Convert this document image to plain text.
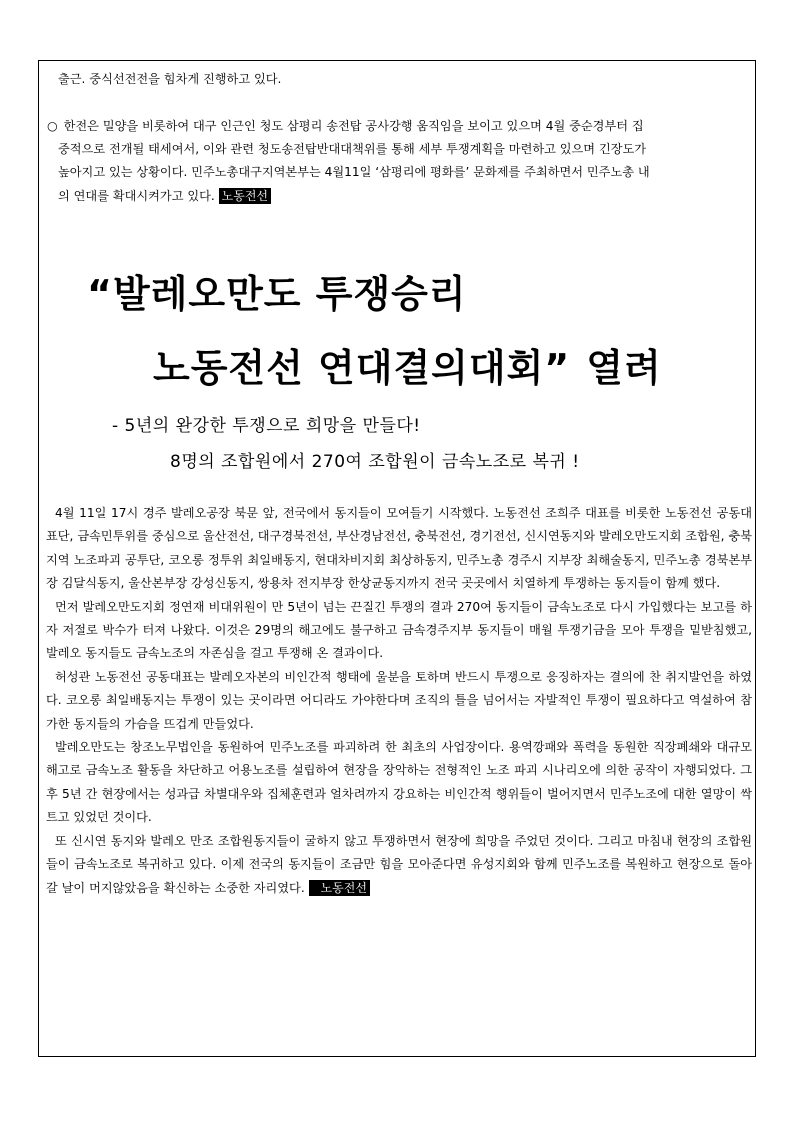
출근. 중식선전전을 힘차게 진행하고 있다.
○ 한전은 밀양을 비롯하여 대구 인근인 청도 삼평리 송전탑 공사강행 움직임을 보이고 있으며 4월 중순경부터 집
중적으로 전개될 태세여서, 이와 관련 청도송전탑반대대책위를 통해 세부 투쟁계획을 마련하고 있으며 긴장도가
높아지고 있는 상황이다. 민주노총대구지역본부는 4월11일 ‘삼평리에 평화를’ 문화제를 주최하면서 민주노총 내
의 연대를 확대시켜가고 있다. 노동전선
“발레오만도 투쟁승리
노동전선 연대결의대회” 열려
- 5년의 완강한 투쟁으로 희망을 만들다!
8명의 조합원에서 270여 조합원이 금속노조로 복귀 !

4월 11일 17시 경주 발레오공장 북문 앞, 전국에서 동지들이 모여들기 시작했다. 노동전선 조희주 대표를 비롯한 노동전선 공동대표단, 금속민투위를 중심으로 울산전선, 대구경북전선, 부산경남전선, 충북전선, 경기전선, 신시연동지와 발레오만도지회 조합원, 충북지역 노조파괴 공투단, 코오롱 정투위 최일배동지, 현대차비지회 최상하동지, 민주노총 경주시 지부장 최해술동지, 민주노총 경북본부장 김달식동지, 울산본부장 강성신동지, 쌍용차 전지부장 한상균동지까지 전국 곳곳에서 치열하게 투쟁하는 동지들이 함께 했다.

먼저 발레오만도지회 정연재 비대위원이 만 5년이 넘는 끈질긴 투쟁의 결과 270여 동지들이 금속노조로 다시 가입했다는 보고를 하자 저절로 박수가 터져 나왔다. 이것은 29명의 해고에도 불구하고 금속경주지부 동지들이 매월 투쟁기금을 모아 투쟁을 밑받침했고, 발레오 동지들도 금속노조의 자존심을 걸고 투쟁해 온 결과이다.

허성관 노동전선 공동대표는 발레오자본의 비인간적 행태에 울분을 토하며 반드시 투쟁으로 응징하자는 결의에 찬 취지발언을 하였다. 코오롱 최일배동지는 투쟁이 있는 곳이라면 어디라도 가야한다며 조직의 틀을 넘어서는 자발적인 투쟁이 필요하다고 역설하여 참가한 동지들의 가슴을 뜨겁게 만들었다.

발레오만도는 창조노무법인을 동원하여 민주노조를 파괴하려 한 최초의 사업장이다. 용역깡패와 폭력을 동원한 직장폐쇄와 대규모 해고로 금속노조 활동을 차단하고 어용노조를 설립하여 현장을 장악하는 전형적인 노조 파괴 시나리오에 의한 공작이 자행되었다. 그 후 5년 간 현장에서는 성과급 차별대우와 집체훈련과 얼차려까지 강요하는 비인간적 행위들이 벌어지면서 민주노조에 대한 열망이 싹트고 있었던 것이다.

또 신시연 동지와 발레오 만조 조합원동지들이 굴하지 않고 투쟁하면서 현장에 희망을 주었던 것이다. 그리고 마침내 현장의 조합원들이 금속노조로 복귀하고 있다. 이제 전국의 동지들이 조금만 힘을 모아준다면 유성지회와 함께 민주노조를 복원하고 현장으로 돌아갈 날이 머지않았음을 확신하는 소중한 자리였다. 노동전선
